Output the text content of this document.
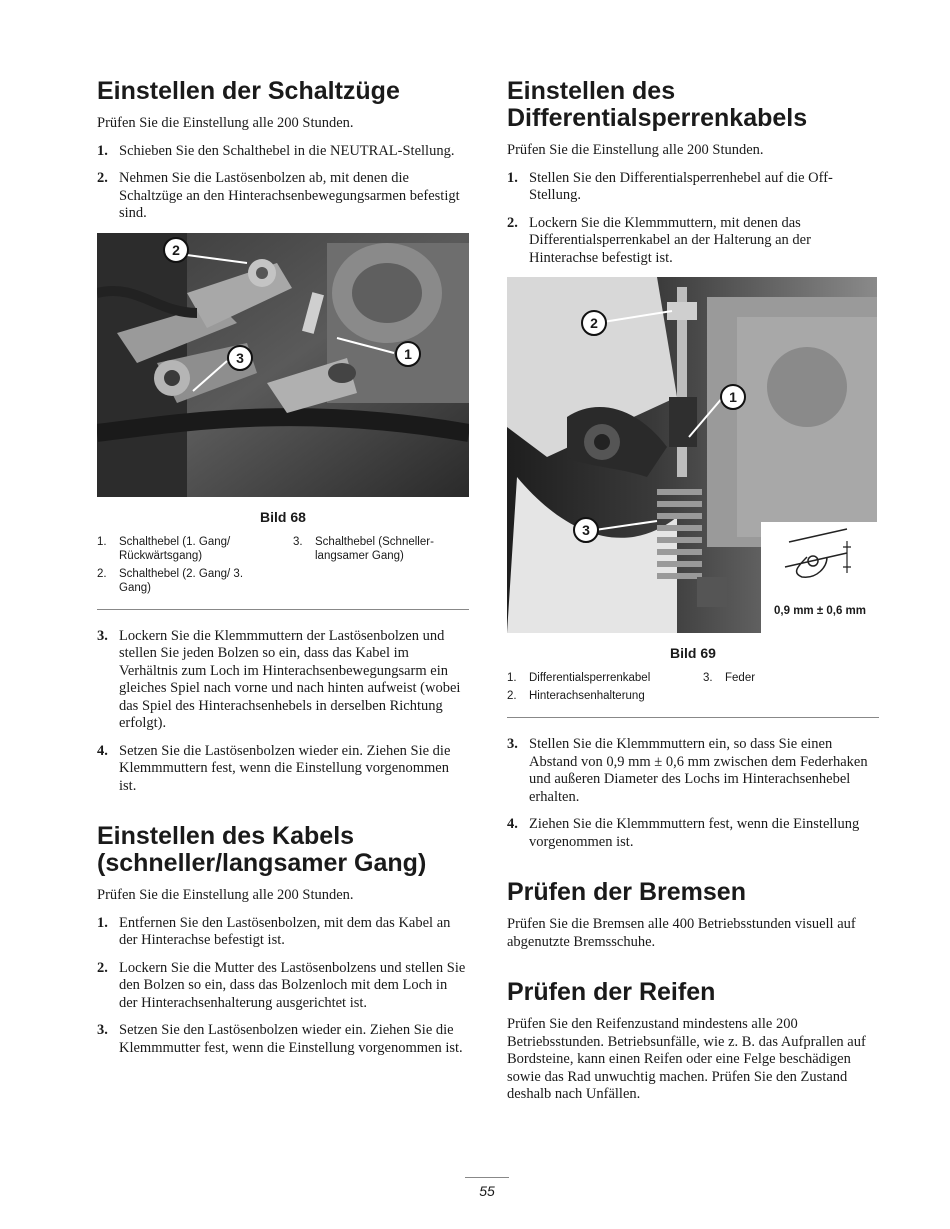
Einstellen der Schaltzüge

Prüfen Sie die Einstellung alle 200 Stunden.

1. Schieben Sie den Schalthebel in die NEUTRAL-Stellung.
2. Nehmen Sie die Lastösenbolzen ab, mit denen die Schaltzüge an den Hinterachsenbewegungsarmen befestigt sind.
2
1
3
Bild 68
1.	Schalthebel (1. Gang/ Rückwärtsgang)
3.	Schalthebel (Schneller-langsamer Gang)
2.	Schalthebel (2. Gang/ 3. Gang)
3. Lockern Sie die Klemmmuttern der Lastösenbolzen und stellen Sie jeden Bolzen so ein, dass das Kabel im Verhältnis zum Loch im Hinterachsenbewegungsarm ein gleiches Spiel nach vorne und nach hinten aufweist (wobei das Spiel des Hinterachsenhebels in derselben Richtung erfolgt).
4. Setzen Sie die Lastösenbolzen wieder ein. Ziehen Sie die Klemmmuttern fest, wenn die Einstellung vorgenommen ist.
Einstellen des Kabels (schneller/langsamer Gang)

Prüfen Sie die Einstellung alle 200 Stunden.

1. Entfernen Sie den Lastösenbolzen, mit dem das Kabel an der Hinterachse befestigt ist.
2. Lockern Sie die Mutter des Lastösenbolzens und stellen Sie den Bolzen so ein, dass das Bolzenloch mit dem Loch in der Hinterachsenhalterung ausgerichtet ist.
3. Setzen Sie den Lastösenbolzen wieder ein. Ziehen Sie die Klemmmutter fest, wenn die Einstellung vorgenommen ist.
Einstellen des Differentialsperrenkabels

Prüfen Sie die Einstellung alle 200 Stunden.

1. Stellen Sie den Differentialsperrenhebel auf die Off-Stellung.
2. Lockern Sie die Klemmmuttern, mit denen das Differentialsperrenkabel an der Halterung an der Hinterachse befestigt ist.
2
1
3
0,9 mm ± 0,6 mm
Bild 69
1.	Differentialsperrenkabel	3.	Feder
2.	Hinterachsenhalterung
3. Stellen Sie die Klemmmuttern ein, so dass Sie einen Abstand von 0,9 mm ± 0,6 mm zwischen dem Federhaken und außeren Diameter des Lochs im Hinterachsenhebel erhalten.
4. Ziehen Sie die Klemmmuttern fest, wenn die Einstellung vorgenommen ist.
Prüfen der Bremsen

Prüfen Sie die Bremsen alle 400 Betriebsstunden visuell auf abgenutzte Bremsschuhe.

Prüfen der Reifen

Prüfen Sie den Reifenzustand mindestens alle 200 Betriebsstunden. Betriebsunfälle, wie z. B. das Aufprallen auf Bordsteine, kann einen Reifen oder eine Felge beschädigen sowie das Rad unwuchtig machen. Prüfen Sie den Zustand deshalb nach Unfällen.

55
